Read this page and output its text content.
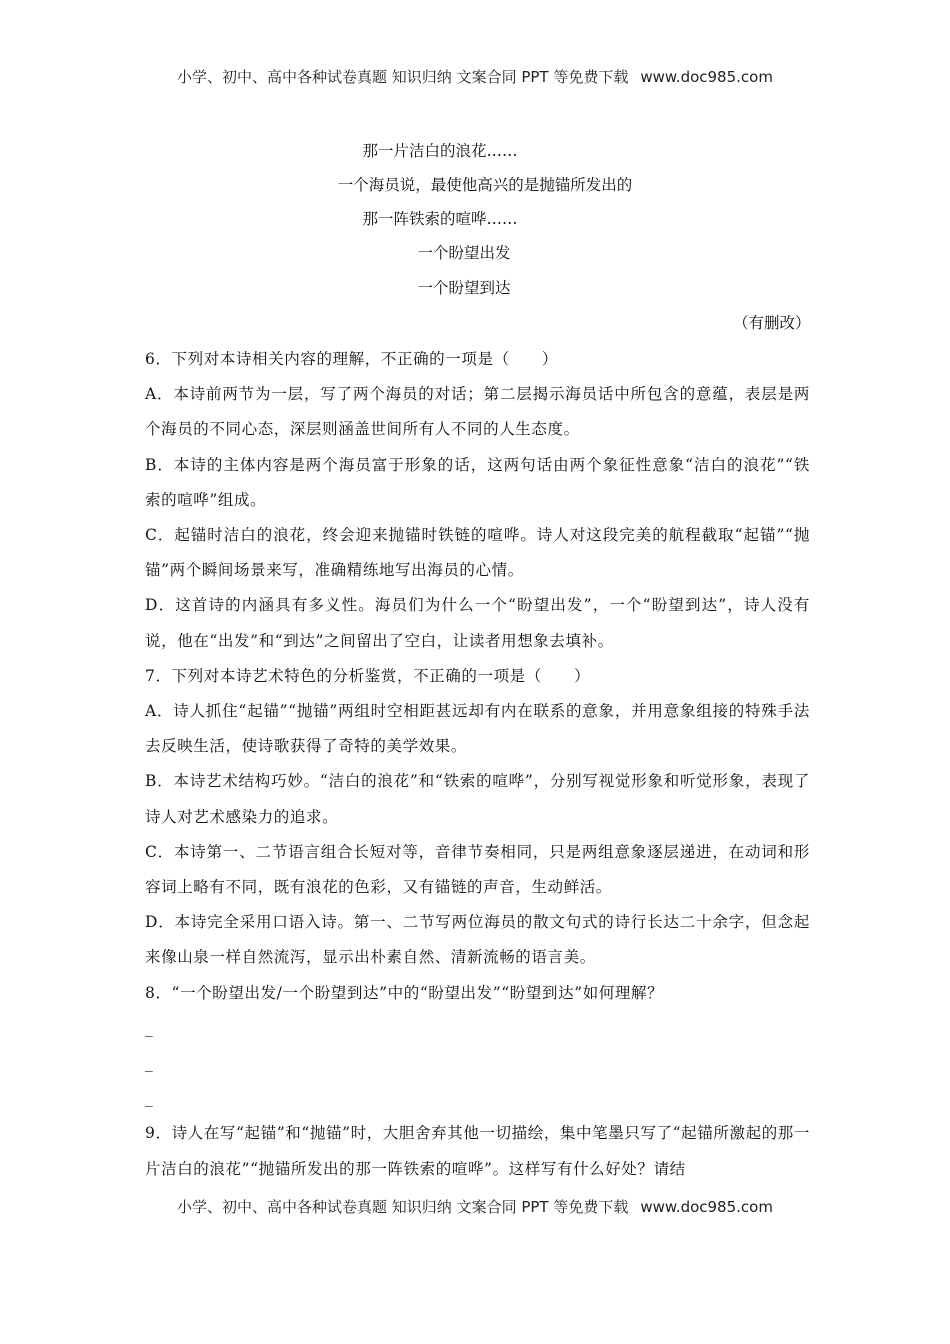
小学、初中、高中各种试卷真题 知识归纳 文案合同 PPT 等免费下载 www.doc985.com
那一片洁白的浪花……
一个海员说，最使他高兴的是抛锚所发出的
那一阵铁索的喧哗……
一个盼望出发
一个盼望到达
（有删改）

6．下列对本诗相关内容的理解，不正确的一项是（　　）

A．本诗前两节为一层，写了两个海员的对话；第二层揭示海员话中所包含的意蕴，表层是两个海员的不同心态，深层则涵盖世间所有人不同的人生态度。

B．本诗的主体内容是两个海员富于形象的话，这两句话由两个象征性意象“洁白的浪花”“铁索的喧哗”组成。

C．起锚时洁白的浪花，终会迎来抛锚时铁链的喧哗。诗人对这段完美的航程截取“起锚”“抛锚”两个瞬间场景来写，准确精练地写出海员的心情。

D．这首诗的内涵具有多义性。海员们为什么一个“盼望出发”，一个“盼望到达”，诗人没有说，他在“出发”和“到达”之间留出了空白，让读者用想象去填补。

7．下列对本诗艺术特色的分析鉴赏，不正确的一项是（　　）

A．诗人抓住“起锚”“抛锚”两组时空相距甚远却有内在联系的意象，并用意象组接的特殊手法去反映生活，使诗歌获得了奇特的美学效果。

B．本诗艺术结构巧妙。“洁白的浪花”和“铁索的喧哗”，分别写视觉形象和听觉形象，表现了诗人对艺术感染力的追求。

C．本诗第一、二节语言组合长短对等，音律节奏相同，只是两组意象逐层递进，在动词和形容词上略有不同，既有浪花的色彩，又有锚链的声音，生动鲜活。

D．本诗完全采用口语入诗。第一、二节写两位海员的散文句式的诗行长达二十余字，但念起来像山泉一样自然流泻，显示出朴素自然、清新流畅的语言美。

8．“一个盼望出发/一个盼望到达”中的“盼望出发”“盼望到达”如何理解？

_

_

_

9．诗人在写“起锚”和“抛锚”时，大胆舍弃其他一切描绘，集中笔墨只写了“起锚所激起的那一片洁白的浪花”“抛锚所发出的那一阵铁索的喧哗”。这样写有什么好处？请结

小学、初中、高中各种试卷真题 知识归纳 文案合同 PPT 等免费下载 www.doc985.com
